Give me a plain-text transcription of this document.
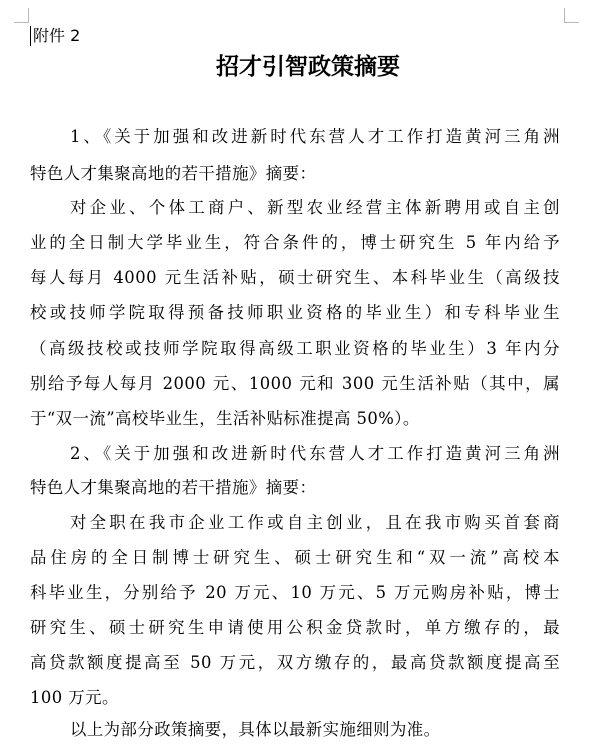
附件 2
招才引智政策摘要
1、《关于加强和改进新时代东营人才工作打造黄河三角洲
特色人才集聚高地的若干措施》摘要：
对企业、个体工商户、新型农业经营主体新聘用或自主创
业的全日制大学毕业生，符合条件的，博士研究生 5 年内给予
每人每月 4000 元生活补贴，硕士研究生、本科毕业生（高级技
校或技师学院取得预备技师职业资格的毕业生）和专科毕业生
（高级技校或技师学院取得高级工职业资格的毕业生）3 年内分
别给予每人每月 2000 元、1000 元和 300 元生活补贴（其中，属
于“双一流”高校毕业生，生活补贴标准提高 50%）。
2、《关于加强和改进新时代东营人才工作打造黄河三角洲
特色人才集聚高地的若干措施》摘要：
对全职在我市企业工作或自主创业，且在我市购买首套商
品住房的全日制博士研究生、硕士研究生和“双一流”高校本
科毕业生，分别给予 20 万元、10 万元、5 万元购房补贴，博士
研究生、硕士研究生申请使用公积金贷款时，单方缴存的，最
高贷款额度提高至 50 万元，双方缴存的，最高贷款额度提高至
100 万元。
以上为部分政策摘要，具体以最新实施细则为准。
